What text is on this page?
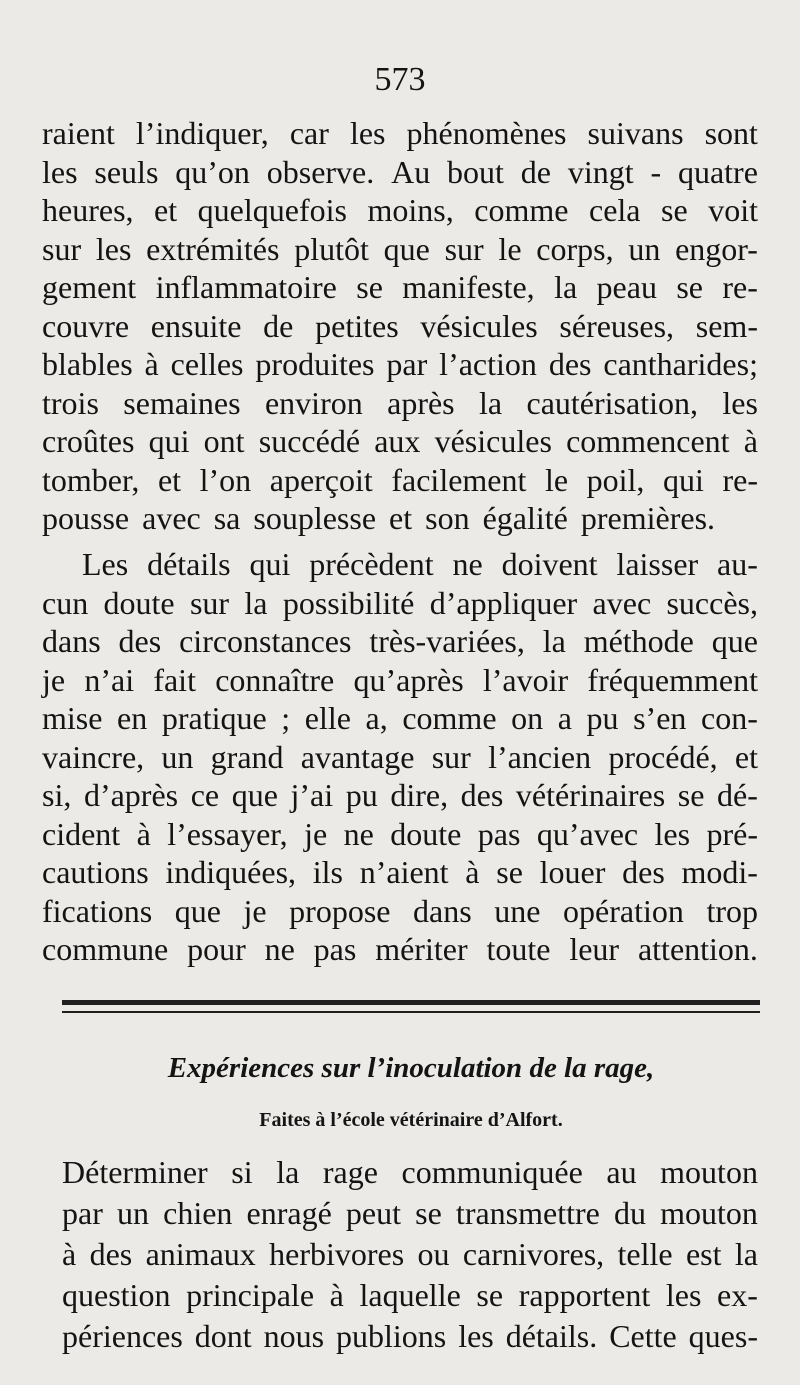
573
raient l’indiquer, car les phénomènes suivans sont
les seuls qu’on observe. Au bout de vingt - quatre
heures, et quelquefois moins, comme cela se voit
sur les extrémités plutôt que sur le corps, un engor-
gement inflammatoire se manifeste, la peau se re-
couvre ensuite de petites vésicules séreuses, sem-
blables à celles produites par l’action des cantharides;
trois semaines environ après la cautérisation, les
croûtes qui ont succédé aux vésicules commencent à
tomber, et l’on aperçoit facilement le poil, qui re-
pousse avec sa souplesse et son égalité premières.
Les détails qui précèdent ne doivent laisser au-
cun doute sur la possibilité d’appliquer avec succès,
dans des circonstances très-variées, la méthode que
je n’ai fait connaître qu’après l’avoir fréquemment
mise en pratique ; elle a, comme on a pu s’en con-
vaincre, un grand avantage sur l’ancien procédé, et
si, d’après ce que j’ai pu dire, des vétérinaires se dé-
cident à l’essayer, je ne doute pas qu’avec les pré-
cautions indiquées, ils n’aient à se louer des modi-
fications que je propose dans une opération trop
commune pour ne pas mériter toute leur attention.
Expériences sur l’inoculation de la rage,
Faites à l’école vétérinaire d’Alfort.
Déterminer si la rage communiquée au mouton
par un chien enragé peut se transmettre du mouton
à des animaux herbivores ou carnivores, telle est la
question principale à laquelle se rapportent les ex-
périences dont nous publions les détails. Cette ques-
